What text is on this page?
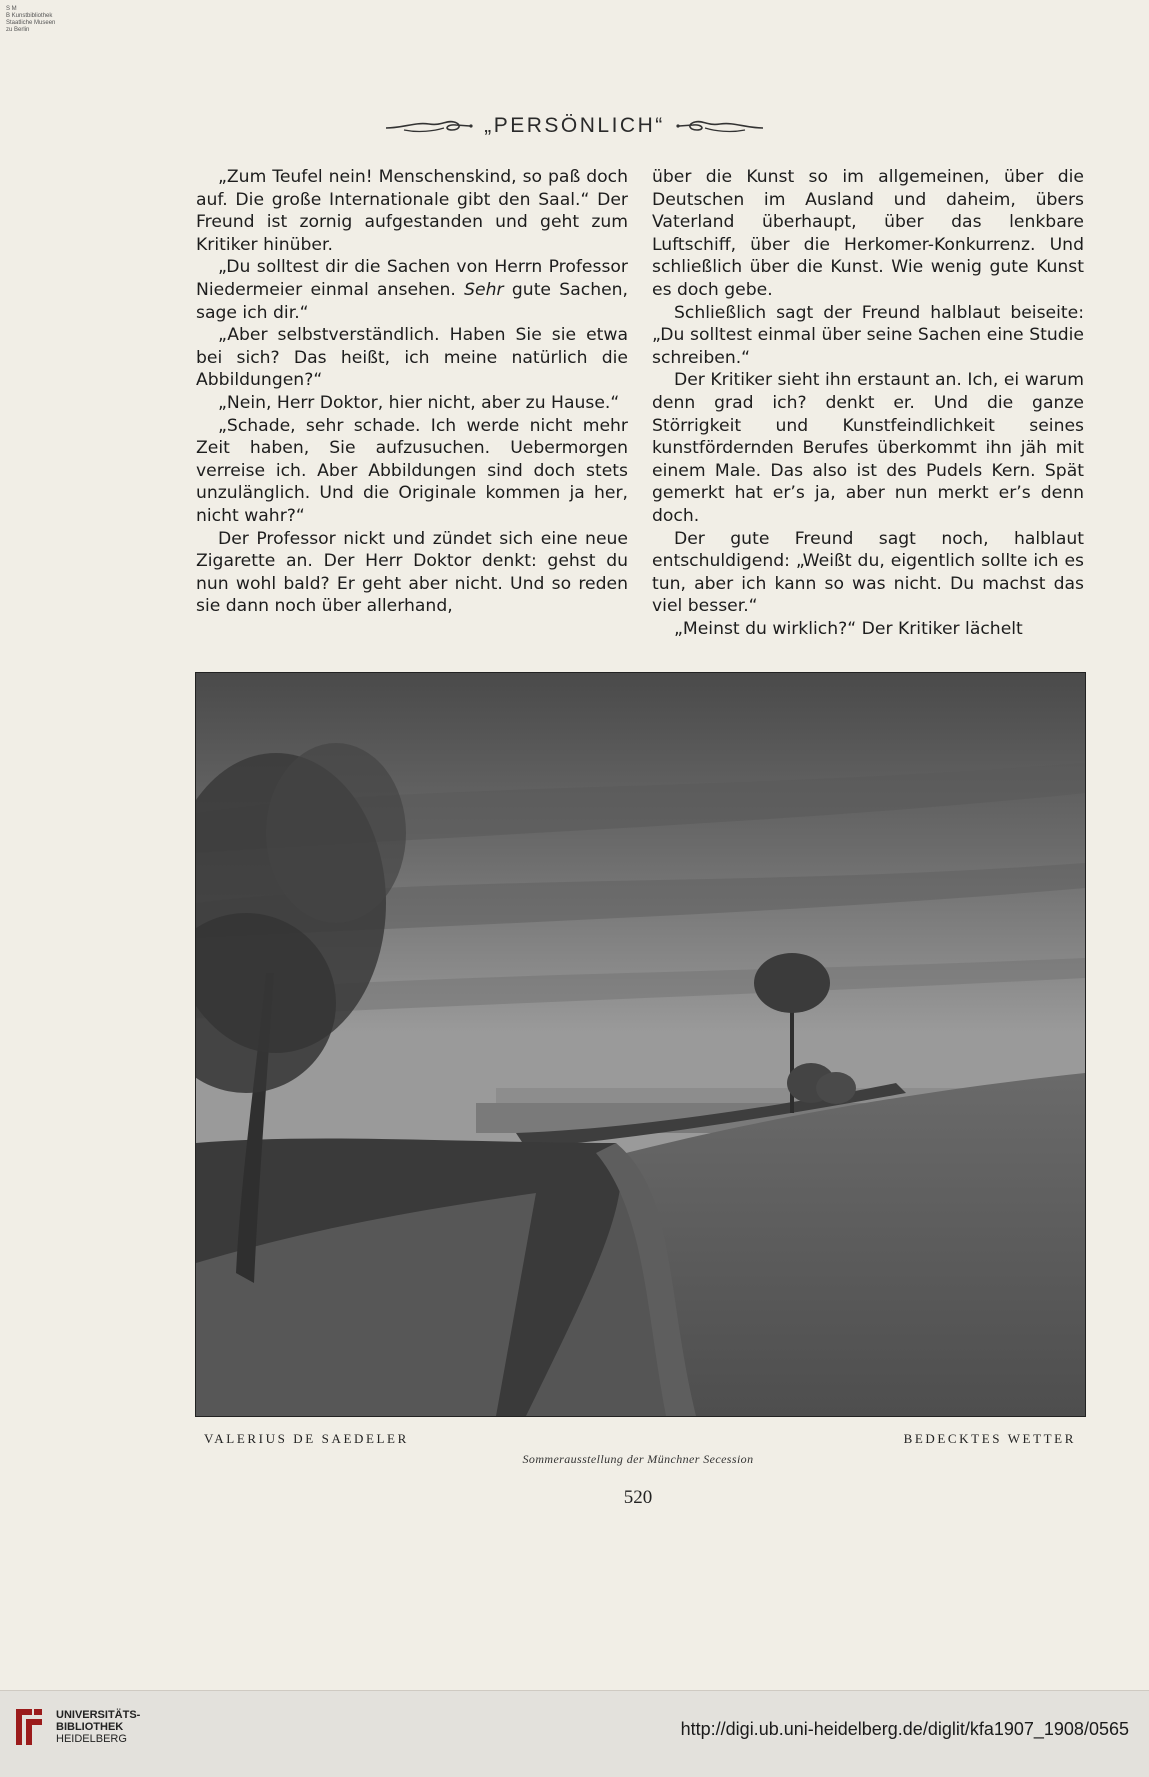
S M
B Kunstbibliothek
Staatliche Museen
zu Berlin
„PERSÖNLICH“

„Zum Teufel nein! Menschenskind, so paß doch auf. Die große Internationale gibt den Saal.“ Der Freund ist zornig aufgestanden und geht zum Kritiker hinüber.

„Du solltest dir die Sachen von Herrn Professor Niedermeier einmal ansehen. Sehr gute Sachen, sage ich dir.“

„Aber selbstverständlich. Haben Sie sie etwa bei sich? Das heißt, ich meine natürlich die Abbildungen?“

„Nein, Herr Doktor, hier nicht, aber zu Hause.“

„Schade, sehr schade. Ich werde nicht mehr Zeit haben, Sie aufzusuchen. Uebermorgen verreise ich. Aber Abbildungen sind doch stets unzulänglich. Und die Originale kommen ja her, nicht wahr?“

Der Professor nickt und zündet sich eine neue Zigarette an. Der Herr Doktor denkt: gehst du nun wohl bald? Er geht aber nicht. Und so reden sie dann noch über allerhand,

über die Kunst so im allgemeinen, über die Deutschen im Ausland und daheim, übers Vaterland überhaupt, über das lenkbare Luftschiff, über die Herkomer-Konkurrenz. Und schließlich über die Kunst. Wie wenig gute Kunst es doch gebe.

Schließlich sagt der Freund halblaut beiseite: „Du solltest einmal über seine Sachen eine Studie schreiben.“

Der Kritiker sieht ihn erstaunt an. Ich, ei warum denn grad ich? denkt er. Und die ganze Störrigkeit und Kunstfeindlichkeit seines kunstfördernden Berufes überkommt ihn jäh mit einem Male. Das also ist des Pudels Kern. Spät gemerkt hat er’s ja, aber nun merkt er’s denn doch.

Der gute Freund sagt noch, halblaut entschuldigend: „Weißt du, eigentlich sollte ich es tun, aber ich kann so was nicht. Du machst das viel besser.“

„Meinst du wirklich?“ Der Kritiker lächelt

VALERIUS DE SAEDELER	BEDECKTES WETTER
Sommerausstellung der Münchner Secession
520
UNIVERSITÄTS-
BIBLIOTHEK
HEIDELBERG	http://digi.ub.uni-heidelberg.de/diglit/kfa1907_1908/0565
